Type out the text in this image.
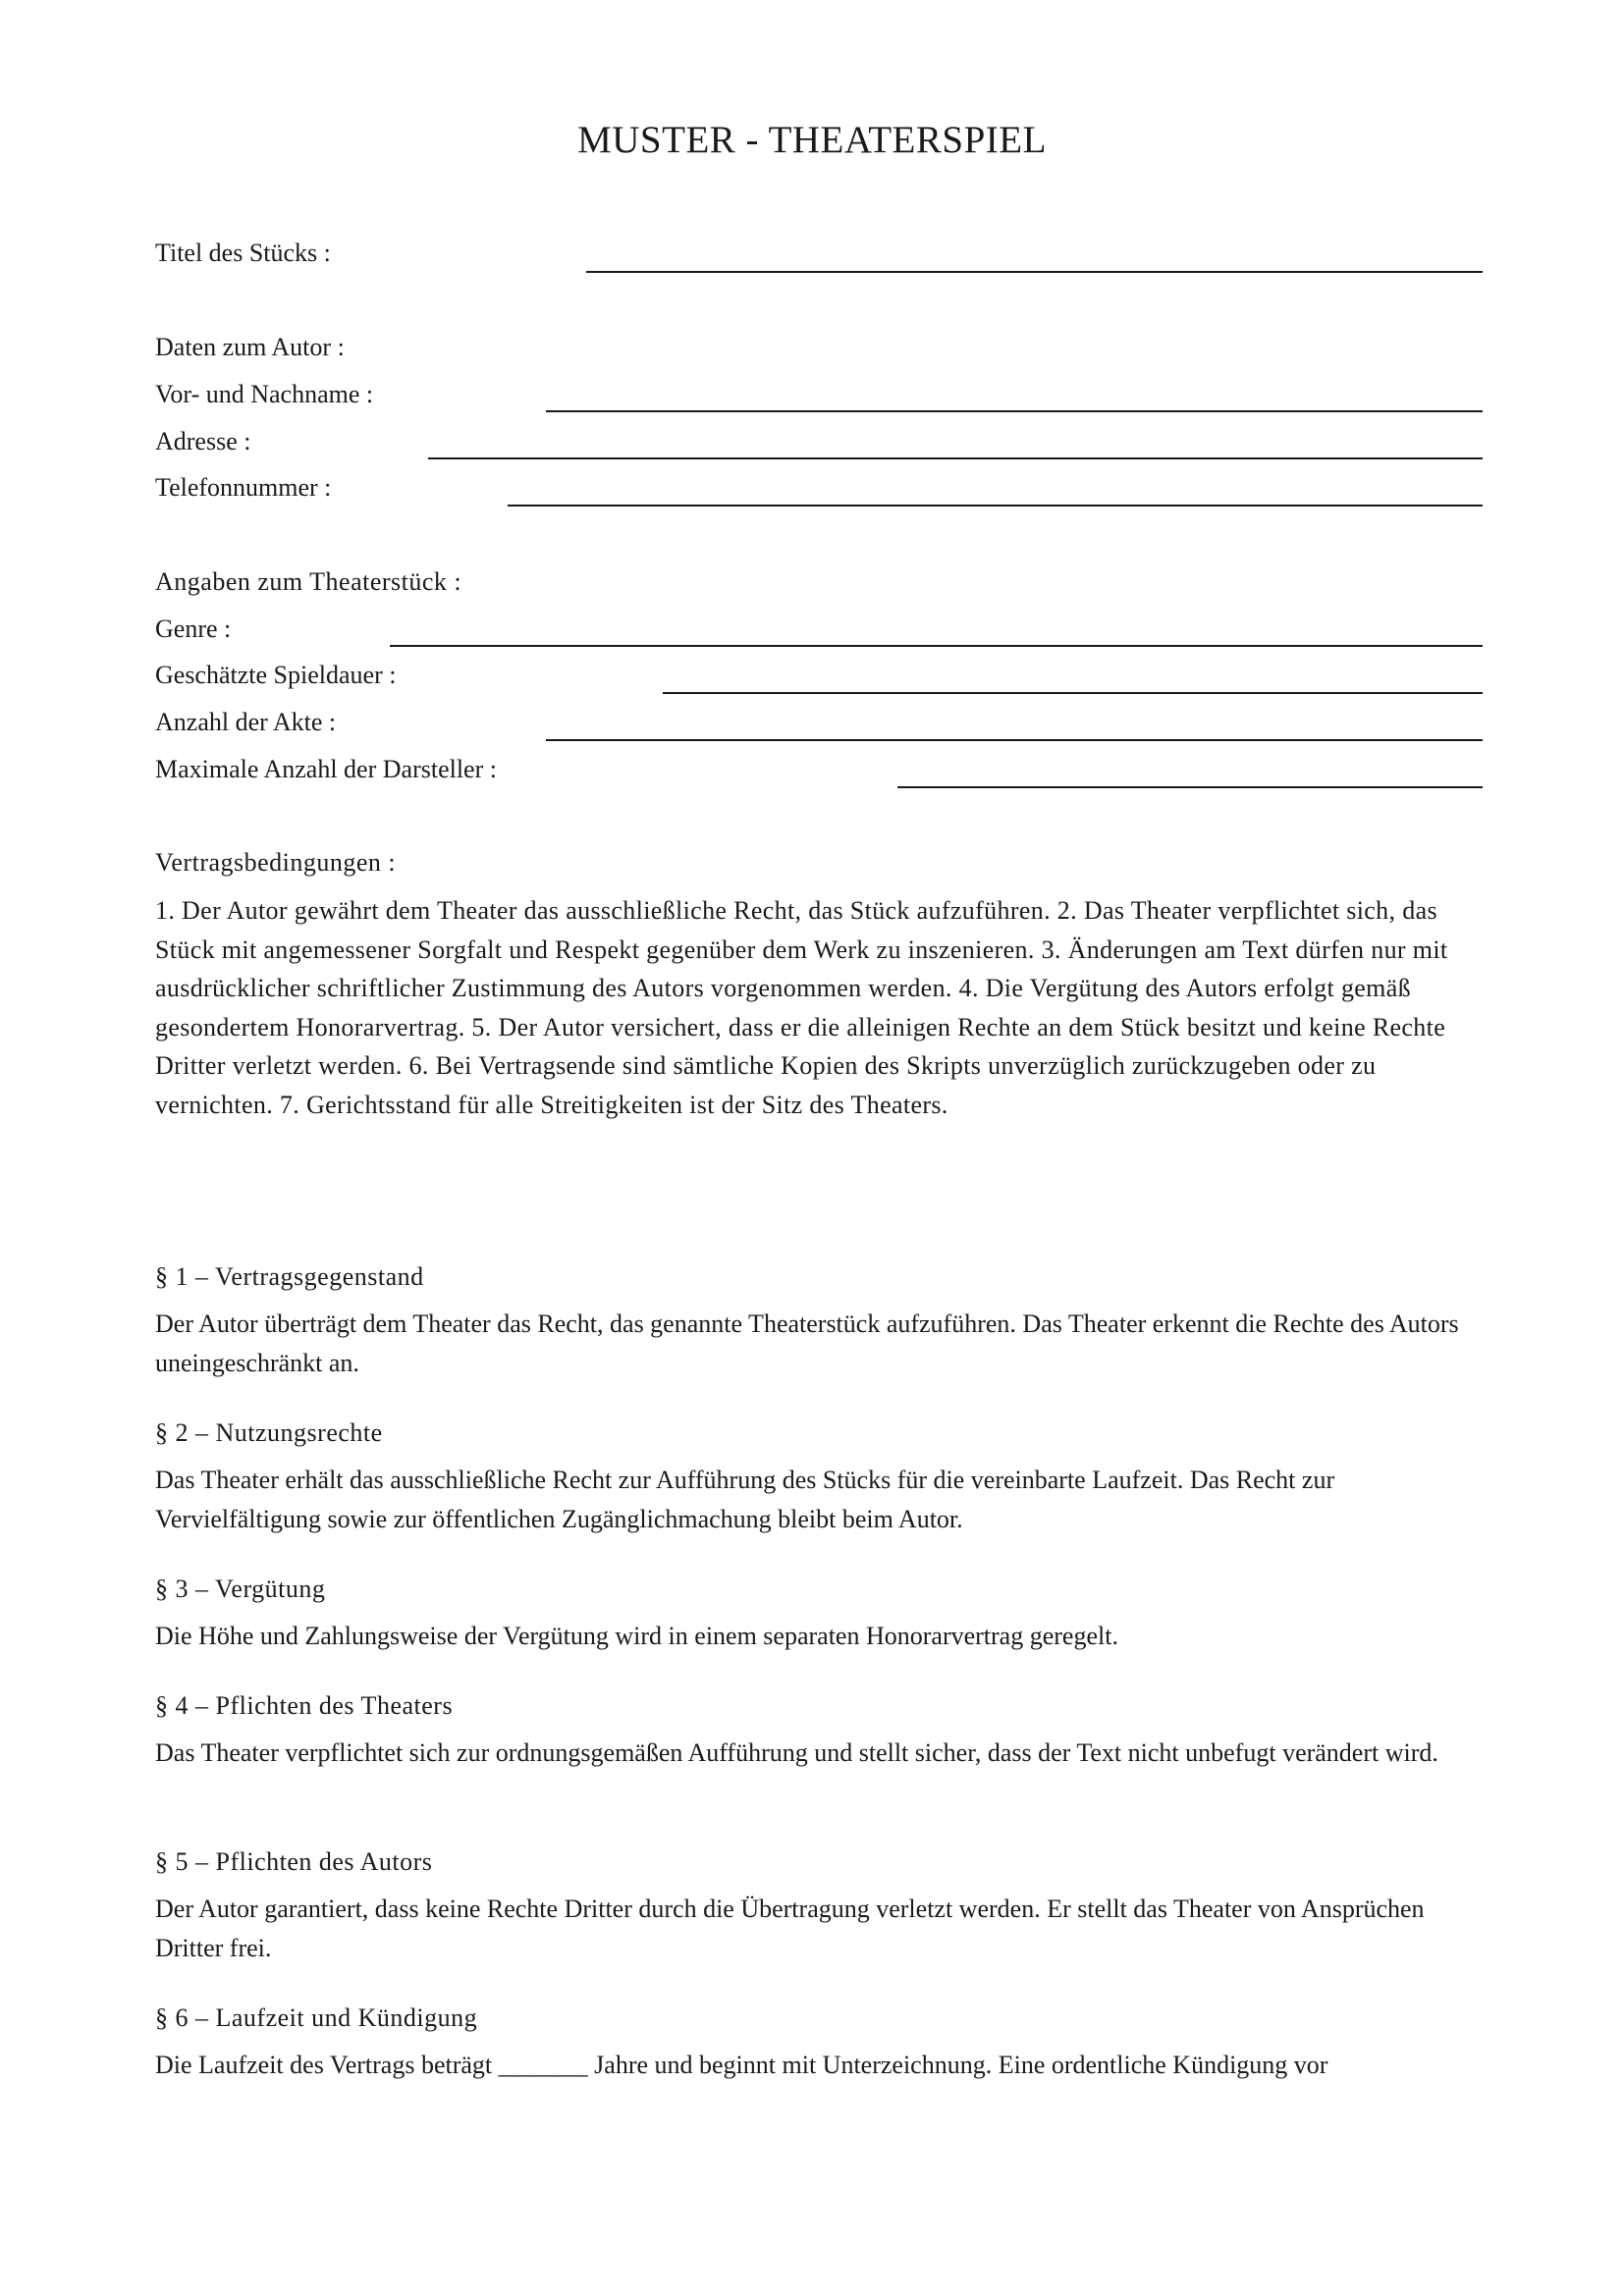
MUSTER - THEATERSPIEL
Titel des Stücks :
Daten zum Autor :
Vor- und Nachname :
Adresse :
Telefonnummer :
Angaben zum Theaterstück :
Genre :
Geschätzte Spieldauer :
Anzahl der Akte :
Maximale Anzahl der Darsteller :
Vertragsbedingungen :
1. Der Autor gewährt dem Theater das ausschließliche Recht, das Stück aufzuführen. 2. Das Theater verpflichtet sich, das Stück mit angemessener Sorgfalt und Respekt gegenüber dem Werk zu inszenieren. 3. Änderungen am Text dürfen nur mit ausdrücklicher schriftlicher Zustimmung des Autors vorgenommen werden. 4. Die Vergütung des Autors erfolgt gemäß gesondertem Honorarvertrag. 5. Der Autor versichert, dass er die alleinigen Rechte an dem Stück besitzt und keine Rechte Dritter verletzt werden. 6. Bei Vertragsende sind sämtliche Kopien des Skripts unverzüglich zurückzugeben oder zu vernichten. 7. Gerichtsstand für alle Streitigkeiten ist der Sitz des Theaters.
§ 1 – Vertragsgegenstand
Der Autor überträgt dem Theater das Recht, das genannte Theaterstück aufzuführen. Das Theater erkennt die Rechte des Autors uneingeschränkt an.
§ 2 – Nutzungsrechte
Das Theater erhält das ausschließliche Recht zur Aufführung des Stücks für die vereinbarte Laufzeit. Das Recht zur Vervielfältigung sowie zur öffentlichen Zugänglichmachung bleibt beim Autor.
§ 3 – Vergütung
Die Höhe und Zahlungsweise der Vergütung wird in einem separaten Honorarvertrag geregelt.
§ 4 – Pflichten des Theaters
Das Theater verpflichtet sich zur ordnungsgemäßen Aufführung und stellt sicher, dass der Text nicht unbefugt verändert wird.
§ 5 – Pflichten des Autors
Der Autor garantiert, dass keine Rechte Dritter durch die Übertragung verletzt werden. Er stellt das Theater von Ansprüchen Dritter frei.
§ 6 – Laufzeit und Kündigung
Die Laufzeit des Vertrags beträgt _______ Jahre und beginnt mit Unterzeichnung. Eine ordentliche Kündigung vor
